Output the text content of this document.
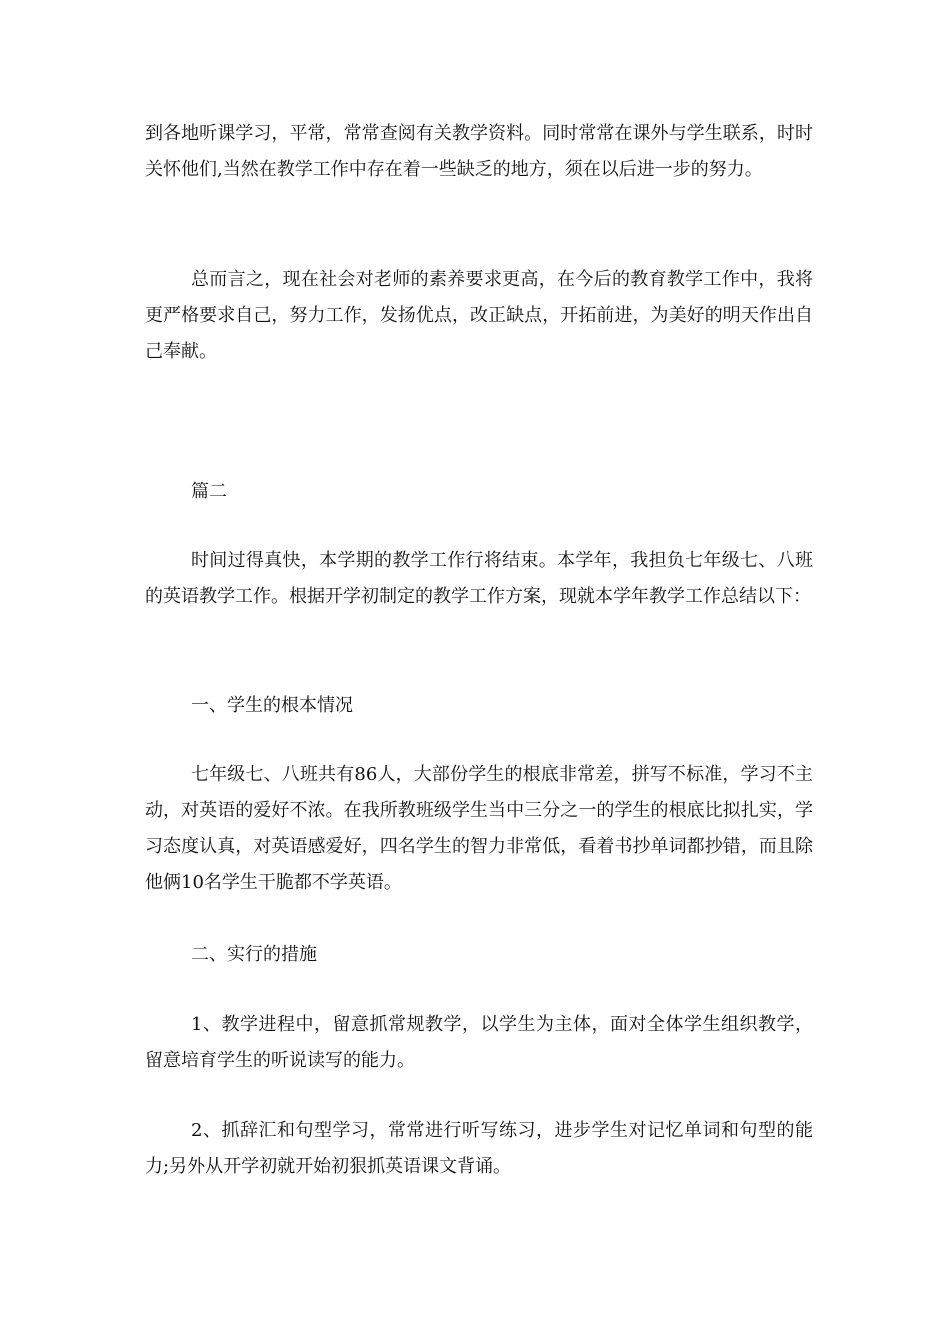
到各地听课学习，平常，常常查阅有关教学资料。同时常常在课外与学生联系，时时关怀他们,当然在教学工作中存在着一些缺乏的地方，须在以后进一步的努力。

总而言之，现在社会对老师的素养要求更高，在今后的教育教学工作中，我将更严格要求自己，努力工作，发扬优点，改正缺点，开拓前进，为美好的明天作出自己奉献。

篇二

时间过得真快，本学期的教学工作行将结束。本学年，我担负七年级七、八班的英语教学工作。根据开学初制定的教学工作方案，现就本学年教学工作总结以下：

一、学生的根本情况

七年级七、八班共有86人，大部份学生的根底非常差，拼写不标准，学习不主动，对英语的爱好不浓。在我所教班级学生当中三分之一的学生的根底比拟扎实，学习态度认真，对英语感爱好，四名学生的智力非常低，看着书抄单词都抄错，而且除他俩10名学生干脆都不学英语。

二、实行的措施

1、教学进程中，留意抓常规教学，以学生为主体，面对全体学生组织教学，留意培育学生的听说读写的能力。

2、抓辞汇和句型学习，常常进行听写练习，进步学生对记忆单词和句型的能力;另外从开学初就开始初狠抓英语课文背诵。
